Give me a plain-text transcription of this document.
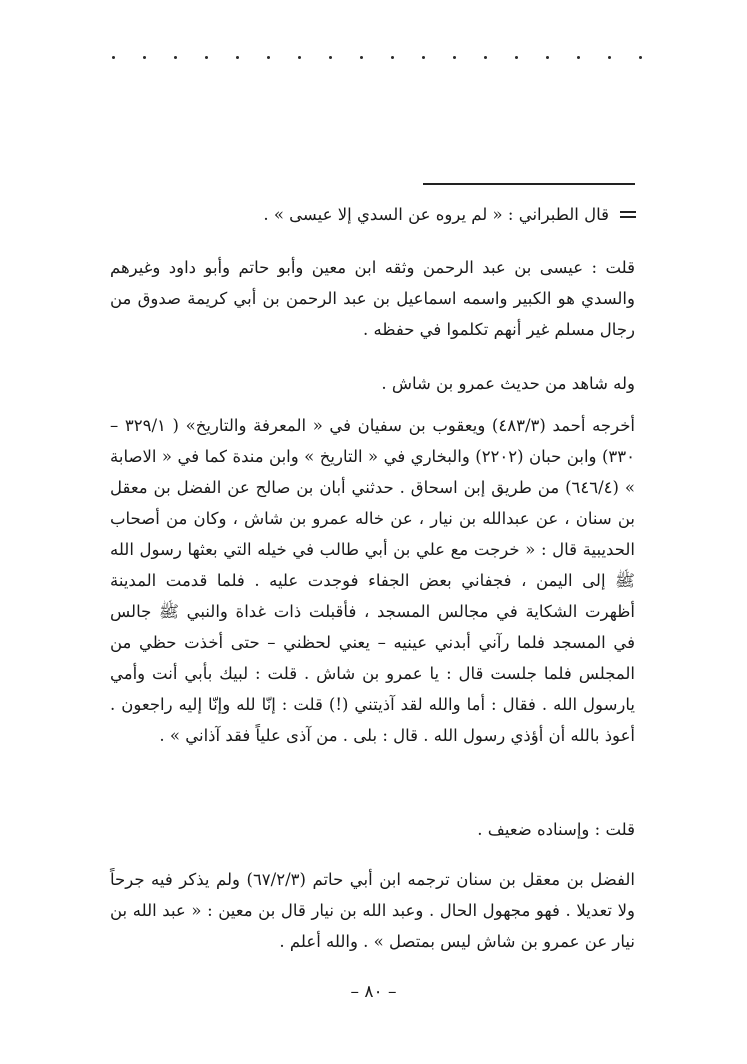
قال الطبراني : « لم يروه عن السدي إلا عيسى » .

قلت : عيسى بن عبد الرحمن وثقه ابن معين وأبو حاتم وأبو داود وغيرهم والسدي هو الكبير واسمه اسماعيل بن عبد الرحمن بن أبي كريمة صدوق من رجال مسلم غير أنهم تكلموا في حفظه .

وله شاهد من حديث عمرو بن شاش .

أخرجه أحمد (٤٨٣/٣) ويعقوب بن سفيان في « المعرفة والتاريخ» ( ٣٢٩/١ – ٣٣٠) وابن حبان (٢٢٠٢) والبخاري في « التاريخ » وابن مندة كما في « الاصابة » (٦٤٦/٤) من طريق إبن اسحاق . حدثني أبان بن صالح عن الفضل بن معقل بن سنان ، عن عبدالله بن نيار ، عن خاله عمرو بن شاش ، وكان من أصحاب الحديبية قال : « خرجت مع علي بن أبي طالب في خيله التي بعثها رسول الله ﷺ إلى اليمن ، فجفاني بعض الجفاء فوجدت عليه . فلما قدمت المدينة أظهرت الشكاية في مجالس المسجد ، فأقبلت ذات غداة والنبي ﷺ جالس في المسجد فلما رآني أبدني عينيه – يعني لحظني – حتى أخذت حظي من المجلس فلما جلست قال : يا عمرو بن شاش . قلت : لبيك بأبي أنت وأمي يارسول الله . فقال : أما والله لقد آذيتني (!) قلت : إنّا لله وإنّا إليه راجعون . أعوذ بالله أن أؤذي رسول الله . قال : بلى . من آذى علياً فقد آذاني » .

قلت : وإسناده ضعيف .

الفضل بن معقل بن سنان ترجمه ابن أبي حاتم (٦٧/٢/٣) ولم يذكر فيه جرحاً ولا تعديلا . فهو مجهول الحال . وعبد الله بن نيار قال بن معين : « عبد الله بن نيار عن عمرو بن شاش ليس بمتصل » . والله أعلم .

– ٨٠ –
